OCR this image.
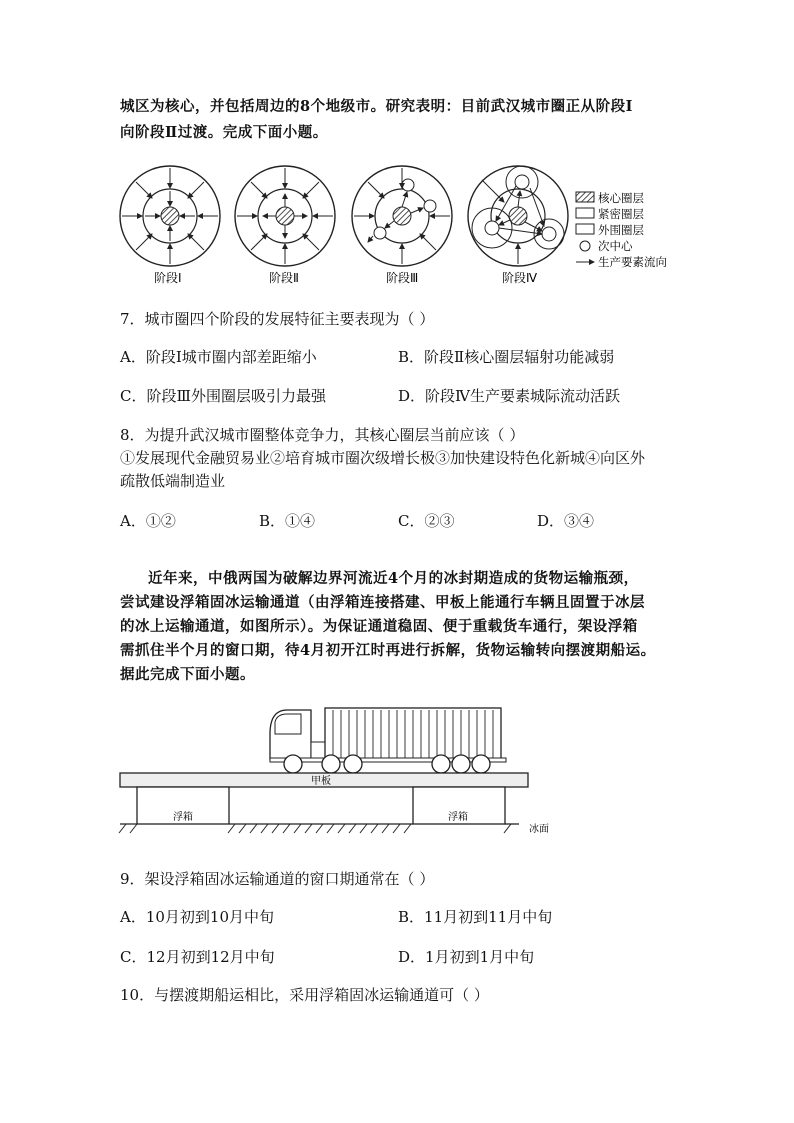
城区为核心，并包括周边的8个地级市。研究表明：目前武汉城市圈正从阶段Ⅰ
向阶段Ⅱ过渡。完成下面小题。
阶段Ⅰ	阶段Ⅱ	阶段Ⅲ	阶段Ⅳ
核心圈层
紧密圈层
外围圈层
次中心
生产要素流向
7．城市圈四个阶段的发展特征主要表现为（ ）
A．阶段Ⅰ城市圈内部差距缩小	B．阶段Ⅱ核心圈层辐射功能减弱
C．阶段Ⅲ外围圈层吸引力最强	D．阶段Ⅳ生产要素城际流动活跃
8．为提升武汉城市圈整体竞争力，其核心圈层当前应该（ ）
①发展现代金融贸易业②培育城市圈次级增长极③加快建设特色化新城④向区外
疏散低端制造业
A．①②	B．①④	C．②③	D．③④
近年来，中俄两国为破解边界河流近4个月的冰封期造成的货物运输瓶颈，
尝试建设浮箱固冰运输通道（由浮箱连接搭建、甲板上能通行车辆且固置于冰层
的冰上运输通道，如图所示）。为保证通道稳固、便于重载货车通行，架设浮箱
需抓住半个月的窗口期，待4月初开江时再进行拆解，货物运输转向摆渡期船运。
据此完成下面小题。
甲板
浮箱	浮箱
冰面
9．架设浮箱固冰运输通道的窗口期通常在（ ）
A．10月初到10月中旬	B．11月初到11月中旬
C．12月初到12月中旬	D．1月初到1月中旬
10．与摆渡期船运相比，采用浮箱固冰运输通道可（ ）
